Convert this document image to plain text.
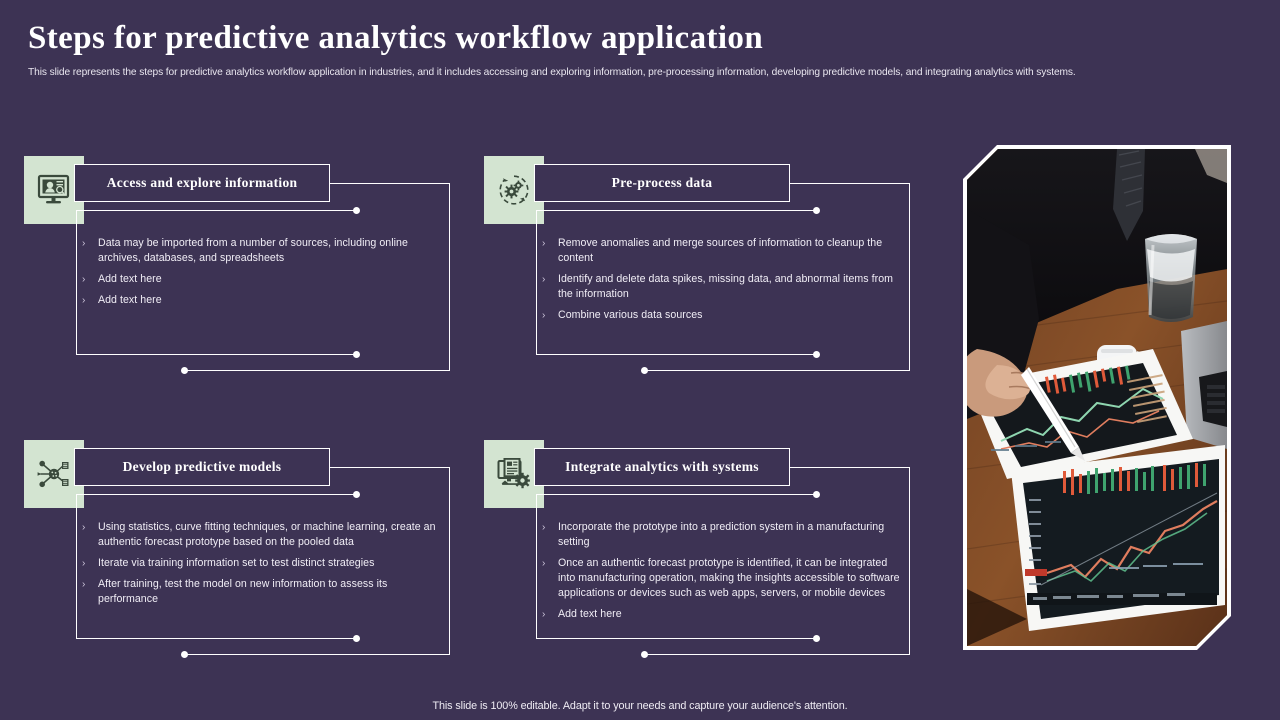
Steps for predictive analytics workflow application
This slide represents the steps for predictive analytics workflow application in industries, and it includes accessing and exploring information, pre-processing information, developing predictive models, and integrating analytics with systems.
Access and explore information
›	Data may be imported from a number of sources, including online archives, databases, and spreadsheets
›	Add text here
›	Add text here
Pre-process data
›	Remove anomalies and merge sources of information to cleanup the content
›	Identify and delete data spikes, missing data, and abnormal items from the information
›	Combine various data sources
Develop predictive models
›	Using statistics, curve fitting techniques, or machine learning, create an authentic forecast prototype based on the pooled data
›	Iterate via training information set to test distinct strategies
›	After training, test the model on new information to assess its performance
Integrate analytics with systems
›	Incorporate the prototype into a prediction system in a manufacturing setting
›	Once an authentic forecast prototype is identified, it can be integrated into manufacturing operation, making the insights accessible to software applications or devices such as web apps, servers, or mobile devices
›	Add text here
This slide is 100% editable. Adapt it to your needs and capture your audience's attention.
